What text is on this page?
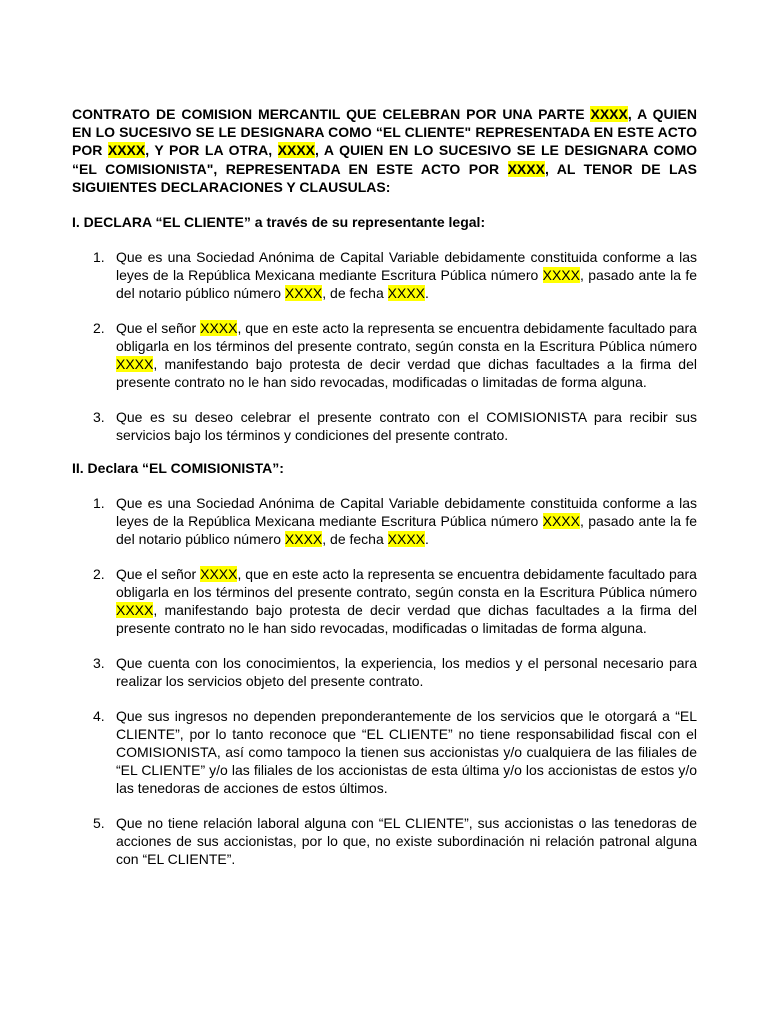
CONTRATO DE COMISION MERCANTIL QUE CELEBRAN POR UNA PARTE XXXX, A QUIEN EN LO SUCESIVO SE LE DESIGNARA COMO “EL CLIENTE" REPRESENTADA EN ESTE ACTO POR XXXX, Y POR LA OTRA, XXXX, A QUIEN EN LO SUCESIVO SE LE DESIGNARA COMO “EL COMISIONISTA", REPRESENTADA EN ESTE ACTO POR XXXX, AL TENOR DE LAS SIGUIENTES DECLARACIONES Y CLAUSULAS:

I. DECLARA “EL CLIENTE” a través de su representante legal:

1. Que es una Sociedad Anónima de Capital Variable debidamente constituida conforme a las leyes de la República Mexicana mediante Escritura Pública número XXXX, pasado ante la fe del notario público número XXXX, de fecha XXXX.
2. Que el señor XXXX, que en este acto la representa se encuentra debidamente facultado para obligarla en los términos del presente contrato, según consta en la Escritura Pública número XXXX, manifestando bajo protesta de decir verdad que dichas facultades a la firma del presente contrato no le han sido revocadas, modificadas o limitadas de forma alguna.
3. Que es su deseo celebrar el presente contrato con el COMISIONISTA para recibir sus servicios bajo los términos y condiciones del presente contrato.

II. Declara “EL COMISIONISTA”:

1. Que es una Sociedad Anónima de Capital Variable debidamente constituida conforme a las leyes de la República Mexicana mediante Escritura Pública número XXXX, pasado ante la fe del notario público número XXXX, de fecha XXXX.
2. Que el señor XXXX, que en este acto la representa se encuentra debidamente facultado para obligarla en los términos del presente contrato, según consta en la Escritura Pública número XXXX, manifestando bajo protesta de decir verdad que dichas facultades a la firma del presente contrato no le han sido revocadas, modificadas o limitadas de forma alguna.
3. Que cuenta con los conocimientos, la experiencia, los medios y el personal necesario para realizar los servicios objeto del presente contrato.
4. Que sus ingresos no dependen preponderantemente de los servicios que le otorgará a “EL CLIENTE”, por lo tanto reconoce que “EL CLIENTE” no tiene responsabilidad fiscal con el COMISIONISTA, así como tampoco la tienen sus accionistas y/o cualquiera de las filiales de “EL CLIENTE” y/o las filiales de los accionistas de esta última y/o los accionistas de estos y/o las tenedoras de acciones de estos últimos.
5. Que no tiene relación laboral alguna con “EL CLIENTE”, sus accionistas o las tenedoras de acciones de sus accionistas, por lo que, no existe subordinación ni relación patronal alguna con “EL CLIENTE”.
